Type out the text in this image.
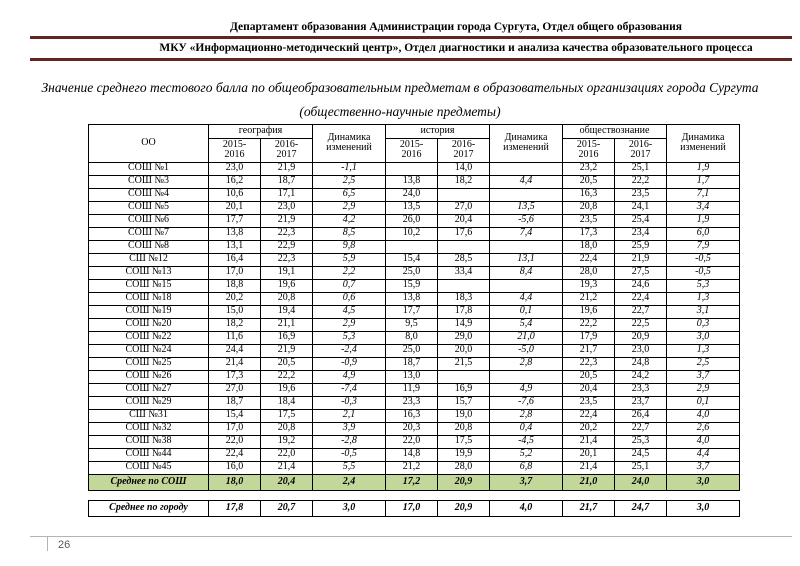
Департамент образования Администрации города Сургута, Отдел общего образования
МКУ «Информационно-методический центр», Отдел диагностики и анализа качества образовательного процесса
Значение среднего тестового балла по общеобразовательным предметам в образовательных организациях города Сургута
(общественно-научные предметы)
ОО	география		Динамика изменений	история		Динамика изменений	обществознание		Динамика изменений
	2015-2016	2016-2017		2015-2016	2016-2017		2015-2016	2016-2017	
СОШ №1	23,0	21,9	-1,1		14,0		23,2	25,1	1,9
СОШ №3	16,2	18,7	2,5	13,8	18,2	4,4	20,5	22,2	1,7
СОШ №4	10,6	17,1	6,5	24,0			16,3	23,5	7,1
СОШ №5	20,1	23,0	2,9	13,5	27,0	13,5	20,8	24,1	3,4
СОШ №6	17,7	21,9	4,2	26,0	20,4	-5,6	23,5	25,4	1,9
СОШ №7	13,8	22,3	8,5	10,2	17,6	7,4	17,3	23,4	6,0
СОШ №8	13,1	22,9	9,8				18,0	25,9	7,9
СШ №12	16,4	22,3	5,9	15,4	28,5	13,1	22,4	21,9	-0,5
СОШ №13	17,0	19,1	2,2	25,0	33,4	8,4	28,0	27,5	-0,5
СОШ №15	18,8	19,6	0,7	15,9			19,3	24,6	5,3
СОШ №18	20,2	20,8	0,6	13,8	18,3	4,4	21,2	22,4	1,3
СОШ №19	15,0	19,4	4,5	17,7	17,8	0,1	19,6	22,7	3,1
СОШ №20	18,2	21,1	2,9	9,5	14,9	5,4	22,2	22,5	0,3
СОШ №22	11,6	16,9	5,3	8,0	29,0	21,0	17,9	20,9	3,0
СОШ №24	24,4	21,9	-2,4	25,0	20,0	-5,0	21,7	23,0	1,3
СОШ №25	21,4	20,5	-0,9	18,7	21,5	2,8	22,3	24,8	2,5
СОШ №26	17,3	22,2	4,9	13,0			20,5	24,2	3,7
СОШ №27	27,0	19,6	-7,4	11,9	16,9	4,9	20,4	23,3	2,9
СОШ №29	18,7	18,4	-0,3	23,3	15,7	-7,6	23,5	23,7	0,1
СШ №31	15,4	17,5	2,1	16,3	19,0	2,8	22,4	26,4	4,0
СОШ №32	17,0	20,8	3,9	20,3	20,8	0,4	20,2	22,7	2,6
СОШ №38	22,0	19,2	-2,8	22,0	17,5	-4,5	21,4	25,3	4,0
СОШ №44	22,4	22,0	-0,5	14,8	19,9	5,2	20,1	24,5	4,4
СОШ №45	16,0	21,4	5,5	21,2	28,0	6,8	21,4	25,1	3,7
Среднее по СОШ	18,0	20,4	2,4	17,2	20,9	3,7	21,0	24,0	3,0
Среднее по городу	17,8	20,7	3,0	17,0	20,9	4,0	21,7	24,7	3,0
26
